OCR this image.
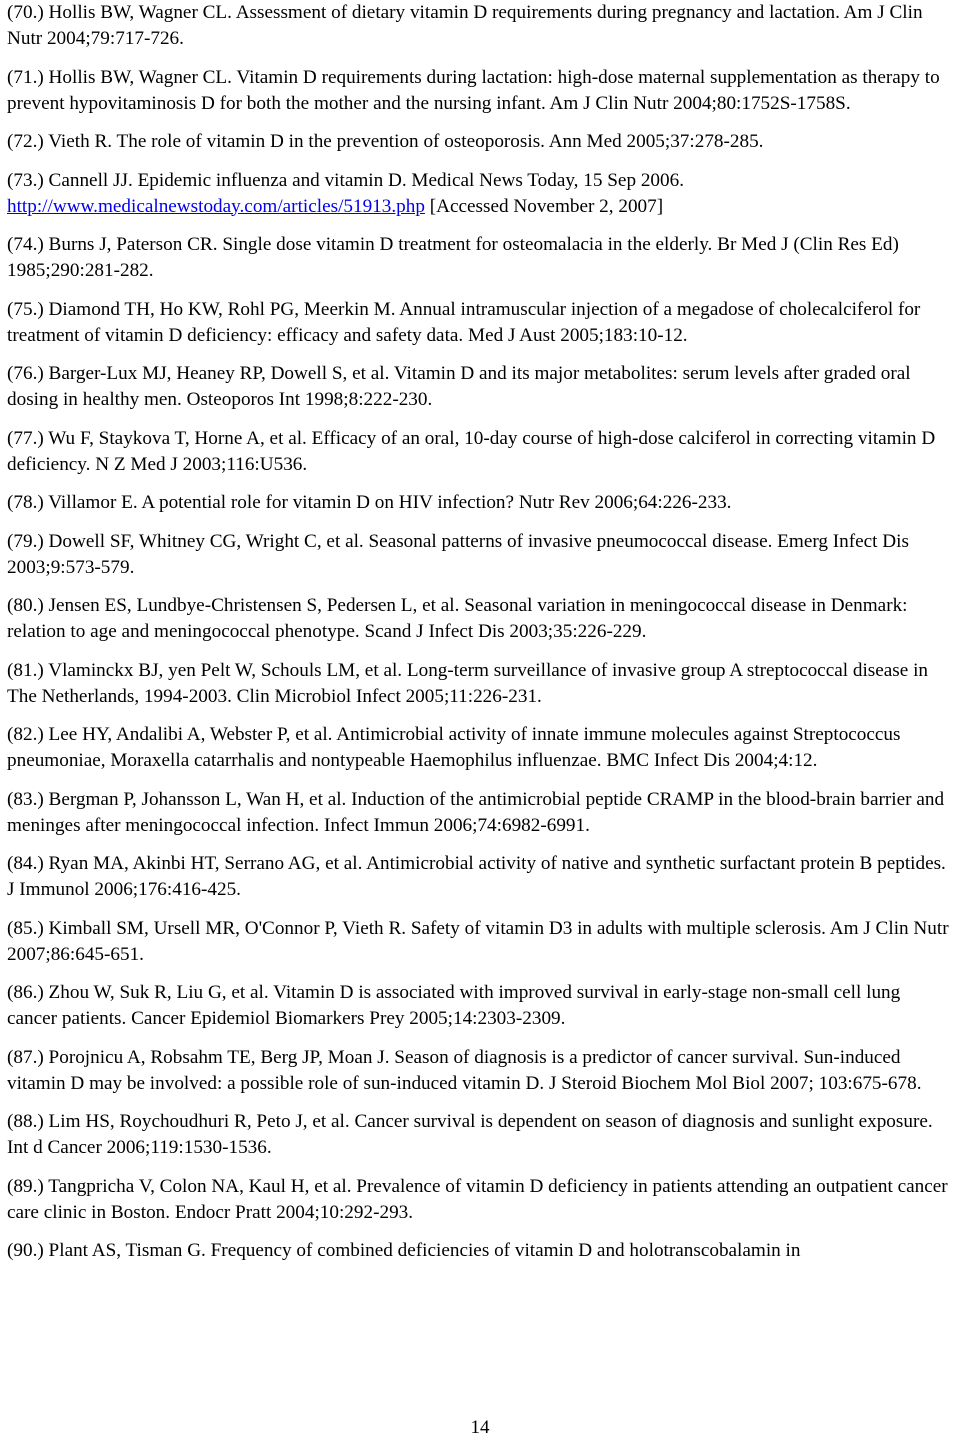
(70.) Hollis BW, Wagner CL. Assessment of dietary vitamin D requirements during pregnancy and lactation. Am J Clin Nutr 2004;79:717-726.

(71.) Hollis BW, Wagner CL. Vitamin D requirements during lactation: high-dose maternal supplementation as therapy to prevent hypovitaminosis D for both the mother and the nursing infant. Am J Clin Nutr 2004;80:1752S-1758S.

(72.) Vieth R. The role of vitamin D in the prevention of osteoporosis. Ann Med 2005;37:278-285.

(73.) Cannell JJ. Epidemic influenza and vitamin D. Medical News Today, 15 Sep 2006. http://www.medicalnewstoday.com/articles/51913.php [Accessed November 2, 2007]

(74.) Burns J, Paterson CR. Single dose vitamin D treatment for osteomalacia in the elderly. Br Med J (Clin Res Ed) 1985;290:281-282.

(75.) Diamond TH, Ho KW, Rohl PG, Meerkin M. Annual intramuscular injection of a megadose of cholecalciferol for treatment of vitamin D deficiency: efficacy and safety data. Med J Aust 2005;183:10-12.

(76.) Barger-Lux MJ, Heaney RP, Dowell S, et al. Vitamin D and its major metabolites: serum levels after graded oral dosing in healthy men. Osteoporos Int 1998;8:222-230.

(77.) Wu F, Staykova T, Horne A, et al. Efficacy of an oral, 10-day course of high-dose calciferol in correcting vitamin D deficiency. N Z Med J 2003;116:U536.

(78.) Villamor E. A potential role for vitamin D on HIV infection? Nutr Rev 2006;64:226-233.

(79.) Dowell SF, Whitney CG, Wright C, et al. Seasonal patterns of invasive pneumococcal disease. Emerg Infect Dis 2003;9:573-579.

(80.) Jensen ES, Lundbye-Christensen S, Pedersen L, et al. Seasonal variation in meningococcal disease in Denmark: relation to age and meningococcal phenotype. Scand J Infect Dis 2003;35:226-229.

(81.) Vlaminckx BJ, yen Pelt W, Schouls LM, et al. Long-term surveillance of invasive group A streptococcal disease in The Netherlands, 1994-2003. Clin Microbiol Infect 2005;11:226-231.

(82.) Lee HY, Andalibi A, Webster P, et al. Antimicrobial activity of innate immune molecules against Streptococcus pneumoniae, Moraxella catarrhalis and nontypeable Haemophilus influenzae. BMC Infect Dis 2004;4:12.

(83.) Bergman P, Johansson L, Wan H, et al. Induction of the antimicrobial peptide CRAMP in the blood-brain barrier and meninges after meningococcal infection. Infect Immun 2006;74:6982-6991.

(84.) Ryan MA, Akinbi HT, Serrano AG, et al. Antimicrobial activity of native and synthetic surfactant protein B peptides. J Immunol 2006;176:416-425.

(85.) Kimball SM, Ursell MR, O'Connor P, Vieth R. Safety of vitamin D3 in adults with multiple sclerosis. Am J Clin Nutr 2007;86:645-651.

(86.) Zhou W, Suk R, Liu G, et al. Vitamin D is associated with improved survival in early-stage non-small cell lung cancer patients. Cancer Epidemiol Biomarkers Prey 2005;14:2303-2309.

(87.) Porojnicu A, Robsahm TE, Berg JP, Moan J. Season of diagnosis is a predictor of cancer survival. Sun-induced vitamin D may be involved: a possible role of sun-induced vitamin D. J Steroid Biochem Mol Biol 2007; 103:675-678.

(88.) Lim HS, Roychoudhuri R, Peto J, et al. Cancer survival is dependent on season of diagnosis and sunlight exposure. Int d Cancer 2006;119:1530-1536.

(89.) Tangpricha V, Colon NA, Kaul H, et al. Prevalence of vitamin D deficiency in patients attending an outpatient cancer care clinic in Boston. Endocr Pratt 2004;10:292-293.

(90.) Plant AS, Tisman G. Frequency of combined deficiencies of vitamin D and holotranscobalamin in

14
